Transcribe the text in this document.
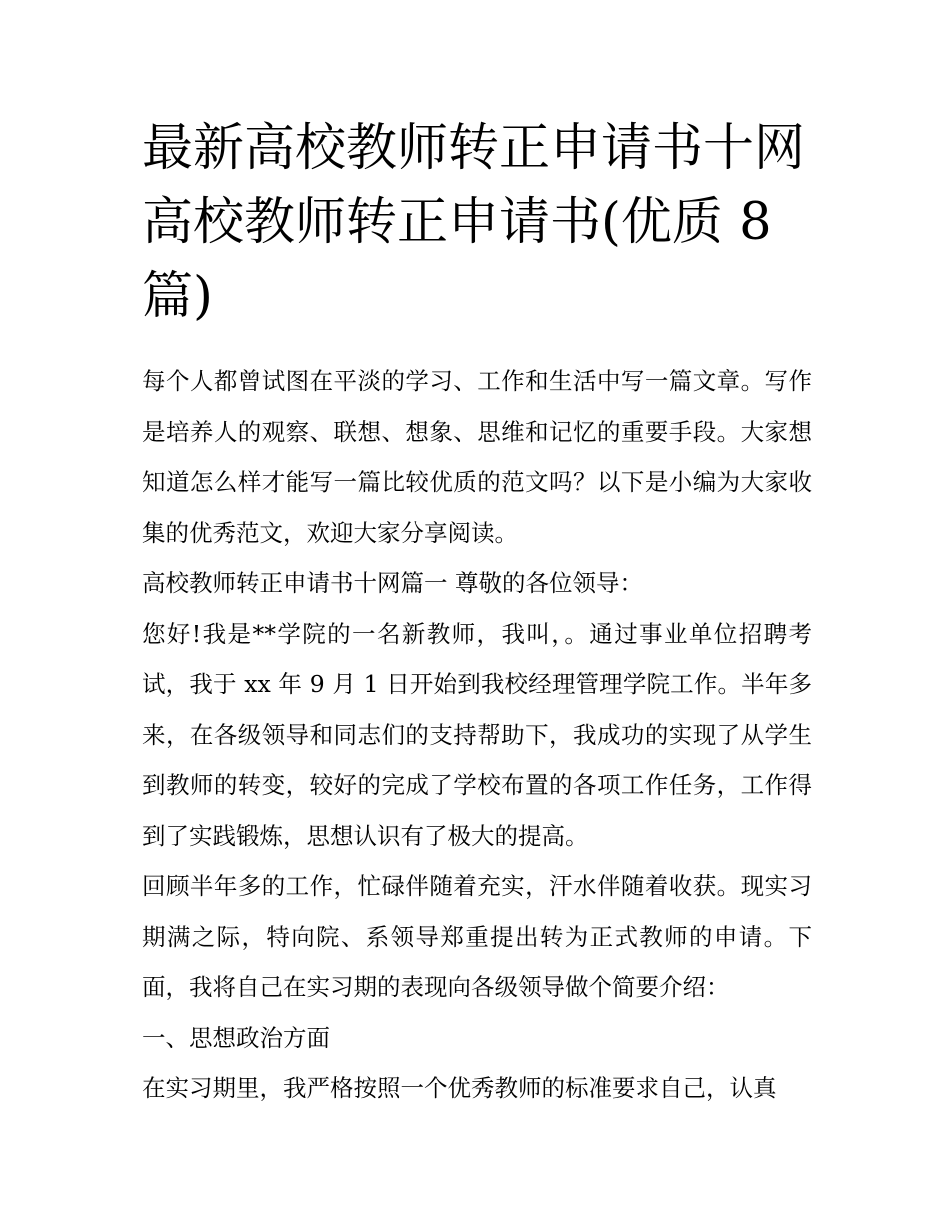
最新高校教师转正申请书十网高校教师转正申请书(优质 8 篇)

每个人都曾试图在平淡的学习、工作和生活中写一篇文章。写作是培养人的观察、联想、想象、思维和记忆的重要手段。大家想知道怎么样才能写一篇比较优质的范文吗？以下是小编为大家收集的优秀范文，欢迎大家分享阅读。

高校教师转正申请书十网篇一 尊敬的各位领导：

您好!我是**学院的一名新教师，我叫，。通过事业单位招聘考试，我于 xx 年 9 月 1 日开始到我校经理管理学院工作。半年多来，在各级领导和同志们的支持帮助下，我成功的实现了从学生到教师的转变，较好的完成了学校布置的各项工作任务，工作得到了实践锻炼，思想认识有了极大的提高。

回顾半年多的工作，忙碌伴随着充实，汗水伴随着收获。现实习期满之际，特向院、系领导郑重提出转为正式教师的申请。下面，我将自己在实习期的表现向各级领导做个简要介绍：

一、思想政治方面

在实习期里，我严格按照一个优秀教师的标准要求自己，认真
